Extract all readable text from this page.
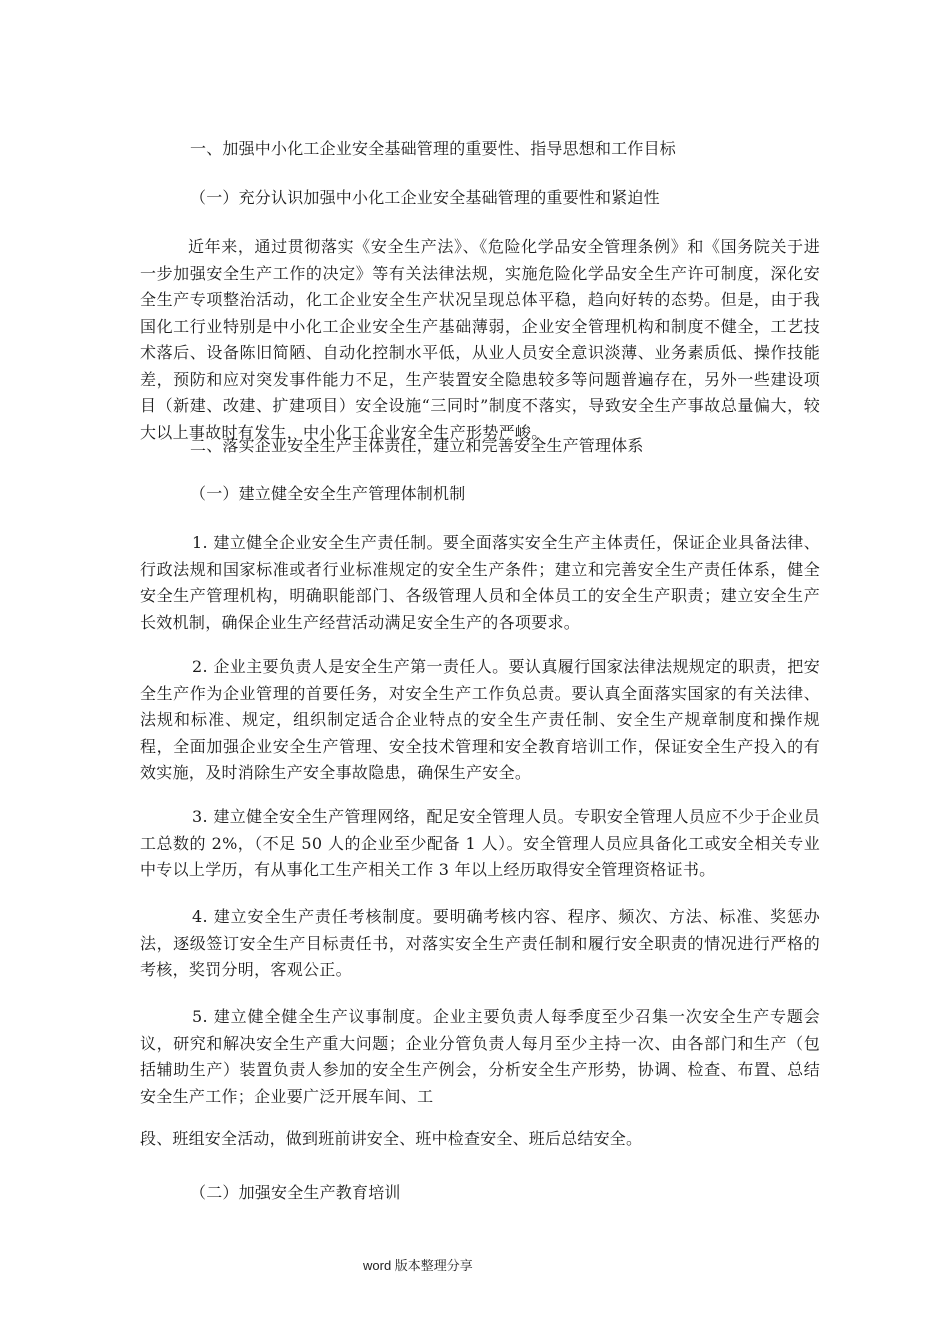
一、加强中小化工企业安全基础管理的重要性、指导思想和工作目标
（一）充分认识加强中小化工企业安全基础管理的重要性和紧迫性
近年来，通过贯彻落实《安全生产法》、《危险化学品安全管理条例》和《国务院关于进一步加强安全生产工作的决定》等有关法律法规，实施危险化学品安全生产许可制度，深化安全生产专项整治活动，化工企业安全生产状况呈现总体平稳，趋向好转的态势。但是，由于我国化工行业特别是中小化工企业安全生产基础薄弱，企业安全管理机构和制度不健全，工艺技术落后、设备陈旧简陋、自动化控制水平低，从业人员安全意识淡薄、业务素质低、操作技能差，预防和应对突发事件能力不足，生产装置安全隐患较多等问题普遍存在，另外一些建设项目（新建、改建、扩建项目）安全设施“三同时”制度不落实，导致安全生产事故总量偏大，较大以上事故时有发生，中小化工企业安全生产形势严峻。
二、落实企业安全生产主体责任，建立和完善安全生产管理体系
（一）建立健全安全生产管理体制机制
1. 建立健全企业安全生产责任制。要全面落实安全生产主体责任，保证企业具备法律、行政法规和国家标准或者行业标准规定的安全生产条件；建立和完善安全生产责任体系，健全安全生产管理机构，明确职能部门、各级管理人员和全体员工的安全生产职责；建立安全生产长效机制，确保企业生产经营活动满足安全生产的各项要求。
2. 企业主要负责人是安全生产第一责任人。要认真履行国家法律法规规定的职责，把安全生产作为企业管理的首要任务，对安全生产工作负总责。要认真全面落实国家的有关法律、法规和标准、规定，组织制定适合企业特点的安全生产责任制、安全生产规章制度和操作规程，全面加强企业安全生产管理、安全技术管理和安全教育培训工作，保证安全生产投入的有效实施，及时消除生产安全事故隐患，确保生产安全。
3. 建立健全安全生产管理网络，配足安全管理人员。专职安全管理人员应不少于企业员工总数的 2%，（不足 50 人的企业至少配备 1 人）。安全管理人员应具备化工或安全相关专业中专以上学历，有从事化工生产相关工作 3 年以上经历取得安全管理资格证书。
4. 建立安全生产责任考核制度。要明确考核内容、程序、频次、方法、标准、奖惩办法，逐级签订安全生产目标责任书，对落实安全生产责任制和履行安全职责的情况进行严格的考核，奖罚分明，客观公正。
5. 建立健全健全生产议事制度。企业主要负责人每季度至少召集一次安全生产专题会议，研究和解决安全生产重大问题；企业分管负责人每月至少主持一次、由各部门和生产（包括辅助生产）装置负责人参加的安全生产例会，分析安全生产形势，协调、检查、布置、总结安全生产工作；企业要广泛开展车间、工
段、班组安全活动，做到班前讲安全、班中检查安全、班后总结安全。
（二）加强安全生产教育培训
word 版本整理分享
